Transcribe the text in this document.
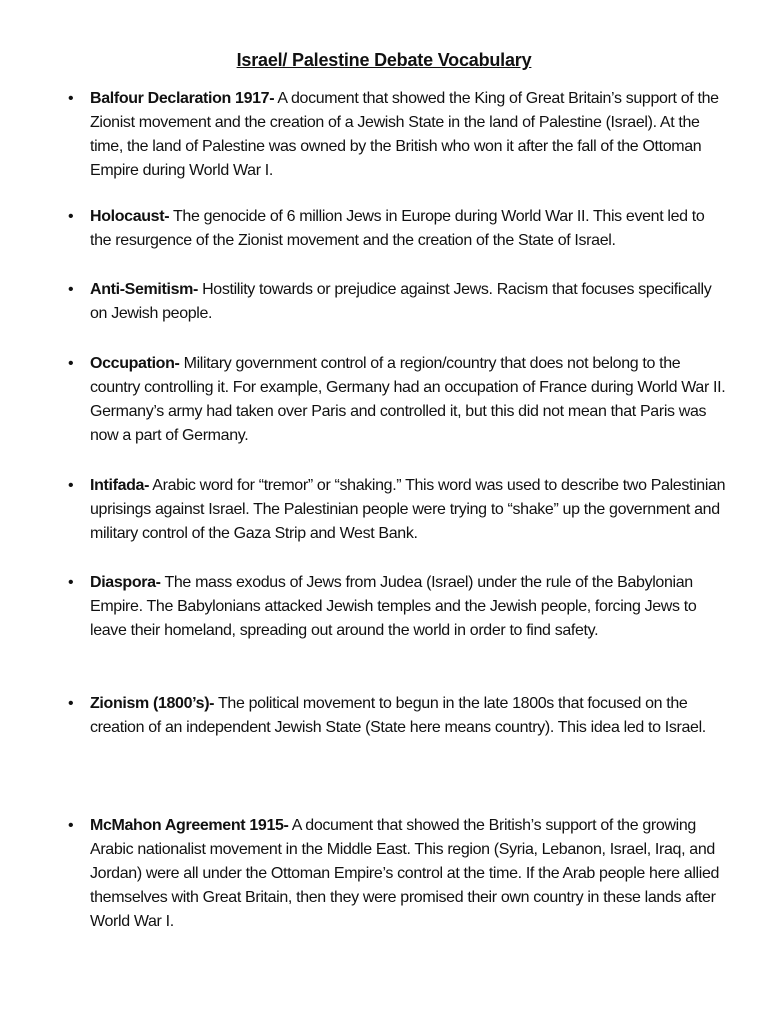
Israel/ Palestine Debate Vocabulary
• Balfour Declaration 1917- A document that showed the King of Great Britain’s support of the Zionist movement and the creation of a Jewish State in the land of Palestine (Israel). At the time, the land of Palestine was owned by the British who won it after the fall of the Ottoman Empire during World War I.
• Holocaust- The genocide of 6 million Jews in Europe during World War II. This event led to the resurgence of the Zionist movement and the creation of the State of Israel.
• Anti-Semitism- Hostility towards or prejudice against Jews. Racism that focuses specifically on Jewish people.
• Occupation- Military government control of a region/country that does not belong to the country controlling it. For example, Germany had an occupation of France during World War II. Germany’s army had taken over Paris and controlled it, but this did not mean that Paris was now a part of Germany.
• Intifada- Arabic word for “tremor” or “shaking.” This word was used to describe two Palestinian uprisings against Israel. The Palestinian people were trying to “shake” up the government and military control of the Gaza Strip and West Bank.
• Diaspora- The mass exodus of Jews from Judea (Israel) under the rule of the Babylonian Empire. The Babylonians attacked Jewish temples and the Jewish people, forcing Jews to leave their homeland, spreading out around the world in order to find safety.
• Zionism (1800’s)- The political movement to begun in the late 1800s that focused on the creation of an independent Jewish State (State here means country). This idea led to Israel.
• McMahon Agreement 1915- A document that showed the British’s support of the growing Arabic nationalist movement in the Middle East. This region (Syria, Lebanon, Israel, Iraq, and Jordan) were all under the Ottoman Empire’s control at the time. If the Arab people here allied themselves with Great Britain, then they were promised their own country in these lands after World War I.
